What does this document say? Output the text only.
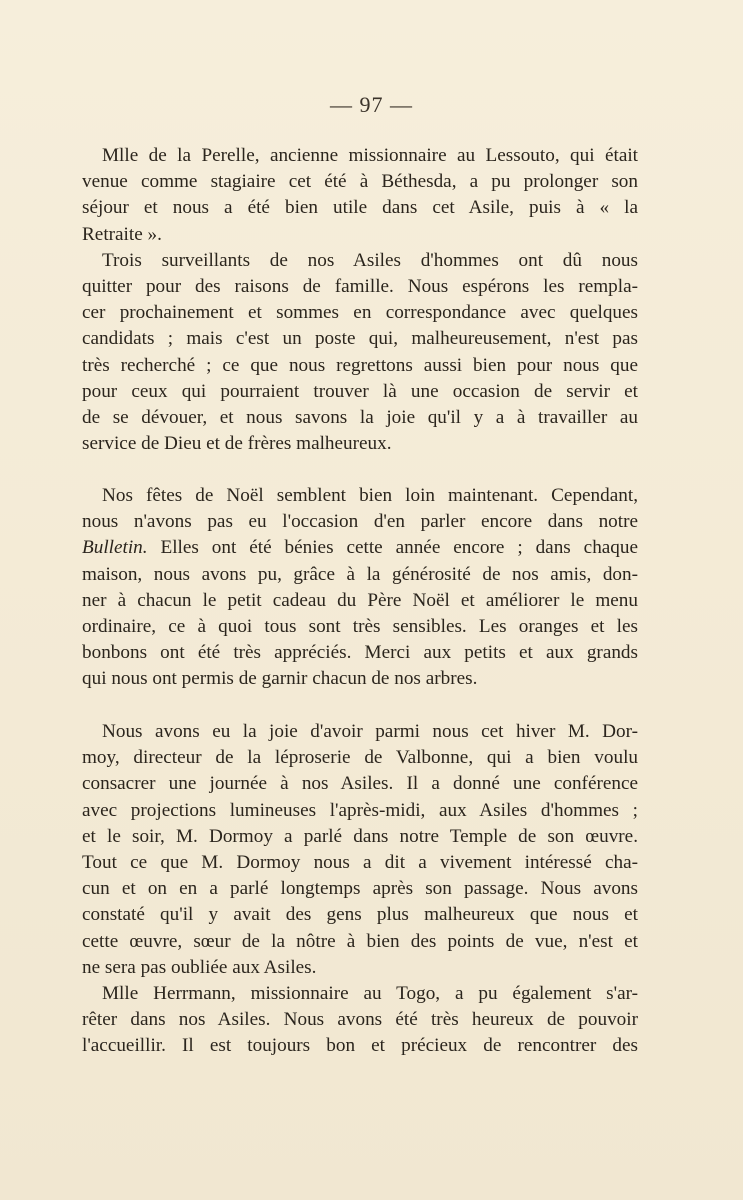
— 97 —
Mlle de la Perelle, ancienne missionnaire au Lessouto, qui était
venue comme stagiaire cet été à Béthesda, a pu prolonger son
séjour et nous a été bien utile dans cet Asile, puis à « la
Retraite ».
Trois surveillants de nos Asiles d'hommes ont dû nous
quitter pour des raisons de famille. Nous espérons les rempla-
cer prochainement et sommes en correspondance avec quelques
candidats ; mais c'est un poste qui, malheureusement, n'est pas
très recherché ; ce que nous regrettons aussi bien pour nous que
pour ceux qui pourraient trouver là une occasion de servir et
de se dévouer, et nous savons la joie qu'il y a à travailler au
service de Dieu et de frères malheureux.
Nos fêtes de Noël semblent bien loin maintenant. Cependant,
nous n'avons pas eu l'occasion d'en parler encore dans notre
Bulletin. Elles ont été bénies cette année encore ; dans chaque
maison, nous avons pu, grâce à la générosité de nos amis, don-
ner à chacun le petit cadeau du Père Noël et améliorer le menu
ordinaire, ce à quoi tous sont très sensibles. Les oranges et les
bonbons ont été très appréciés. Merci aux petits et aux grands
qui nous ont permis de garnir chacun de nos arbres.
Nous avons eu la joie d'avoir parmi nous cet hiver M. Dor-
moy, directeur de la léproserie de Valbonne, qui a bien voulu
consacrer une journée à nos Asiles. Il a donné une conférence
avec projections lumineuses l'après-midi, aux Asiles d'hommes ;
et le soir, M. Dormoy a parlé dans notre Temple de son œuvre.
Tout ce que M. Dormoy nous a dit a vivement intéressé cha-
cun et on en a parlé longtemps après son passage. Nous avons
constaté qu'il y avait des gens plus malheureux que nous et
cette œuvre, sœur de la nôtre à bien des points de vue, n'est et
ne sera pas oubliée aux Asiles.
Mlle Herrmann, missionnaire au Togo, a pu également s'ar-
rêter dans nos Asiles. Nous avons été très heureux de pouvoir
l'accueillir. Il est toujours bon et précieux de rencontrer des
